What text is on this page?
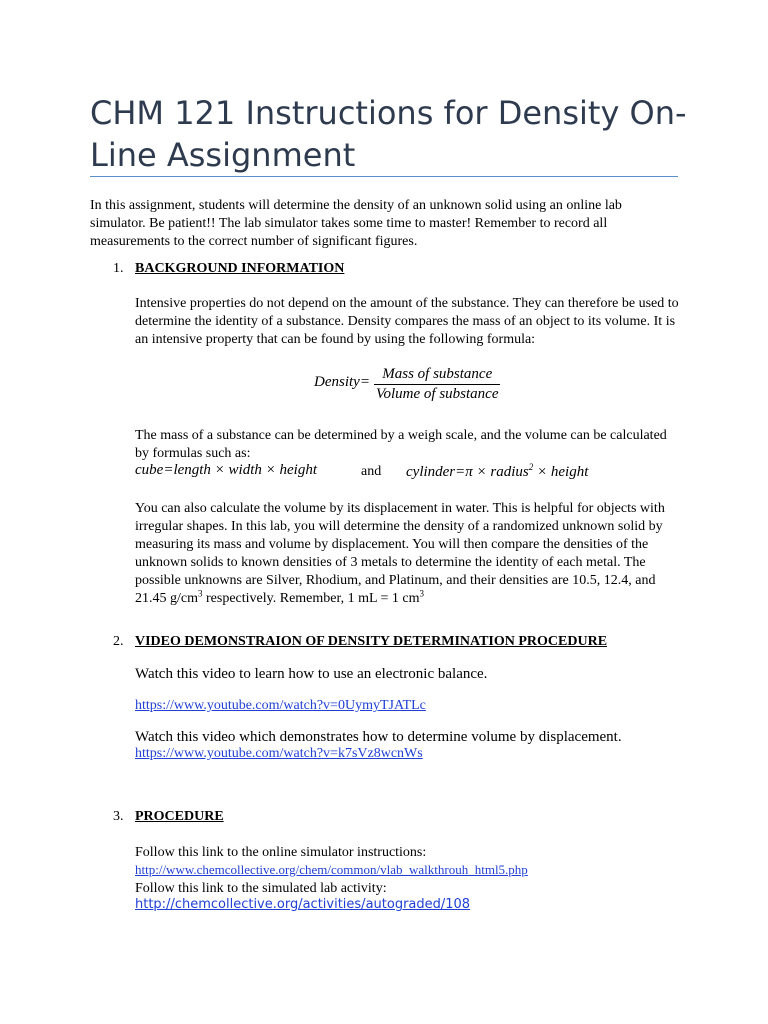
CHM 121 Instructions for Density On-Line Assignment
In this assignment, students will determine the density of an unknown solid using an online lab simulator. Be patient!! The lab simulator takes some time to master! Remember to record all measurements to the correct number of significant figures.
1. BACKGROUND INFORMATION
Intensive properties do not depend on the amount of the substance. They can therefore be used to determine the identity of a substance. Density compares the mass of an object to its volume. It is an intensive property that can be found by using the following formula:
Density= Mass of substance
Volume of substance
The mass of a substance can be determined by a weigh scale, and the volume can be calculated by formulas such as:
cube=length × width × height	and cylinder=π × radius$^2$ × height
You can also calculate the volume by its displacement in water. This is helpful for objects with irregular shapes. In this lab, you will determine the density of a randomized unknown solid by measuring its mass and volume by displacement. You will then compare the densities of the unknown solids to known densities of 3 metals to determine the identity of each metal. The possible unknowns are Silver, Rhodium, and Platinum, and their densities are 10.5, 12.4, and 21.45 $g/cm^3$ respectively. Remember, 1 mL = 1 $cm^3$
2. VIDEO DEMONSTRAION OF DENSITY DETERMINATION PROCEDURE
Watch this video to learn how to use an electronic balance.
https://www.youtube.com/watch?v=0UymyTJATLc
Watch this video which demonstrates how to determine volume by displacement.
https://www.youtube.com/watch?v=k7sVz8wcnWs
3. PROCEDURE
Follow this link to the online simulator instructions:
http://www.chemcollective.org/chem/common/vlab_walkthrouh_html5.php
Follow this link to the simulated lab activity:
http://chemcollective.org/activities/autograded/108
